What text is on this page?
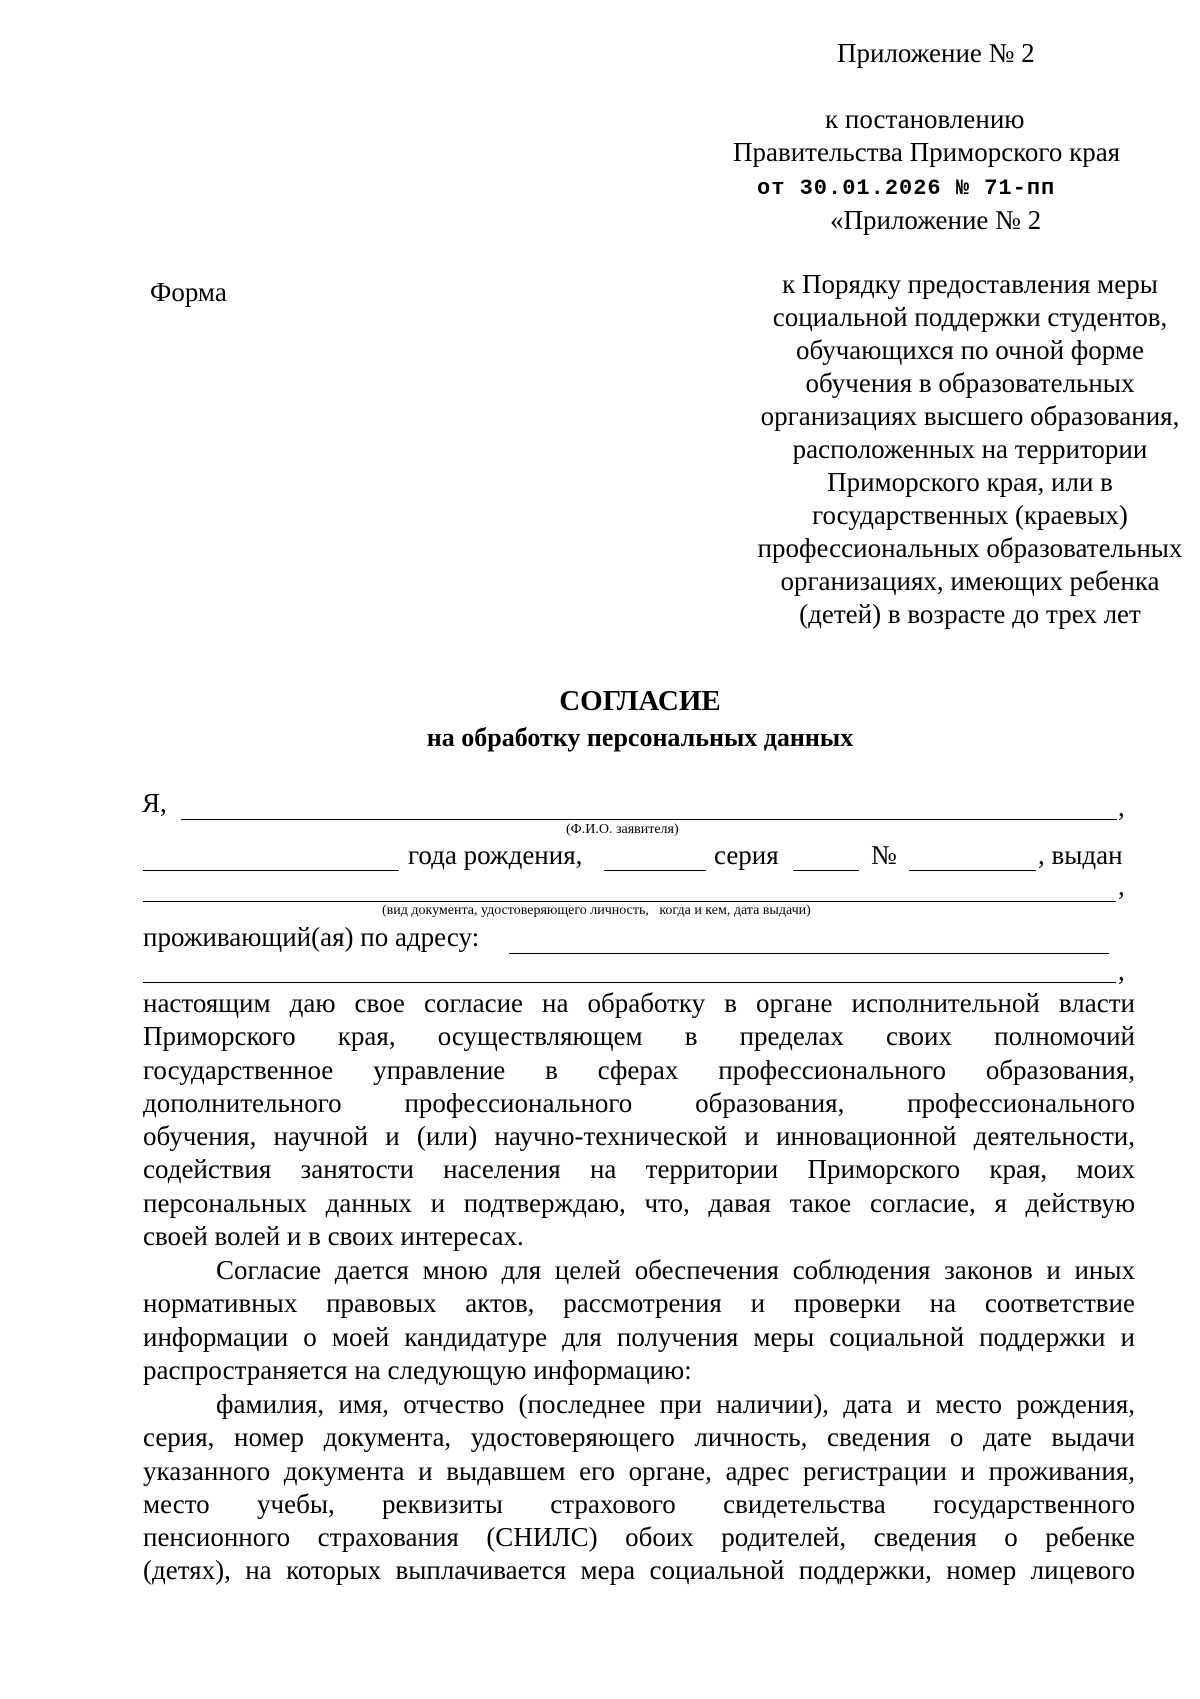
Приложение № 2
к постановлению
Правительства Приморского края
от 30.01.2026 № 71-пп
«Приложение № 2
Форма	к Порядку предоставления меры
социальной поддержки студентов,
обучающихся по очной форме
обучения в образовательных
организациях высшего образования,
расположенных на территории
Приморского края, или в
государственных (краевых)
профессиональных образовательных
организациях, имеющих ребенка
(детей) в возрасте до трех лет
СОГЛАСИЕ
на обработку персональных данных
Я,	,
(Ф.И.О. заявителя)
года рождения,	серия	№	, выдан
,
(вид документа, удостоверяющего личность,   когда и кем, дата выдачи)
проживающий(ая) по адресу:
,
настоящим даю свое согласие на обработку в органе исполнительной власти
Приморского края, осуществляющем в пределах своих полномочий
государственное управление в сферах профессионального образования,
дополнительного профессионального образования, профессионального
обучения, научной и (или) научно-технической и инновационной деятельности,
содействия занятости населения на территории Приморского края, моих
персональных данных и подтверждаю, что, давая такое согласие, я действую
своей волей и в своих интересах.
Согласие дается мною для целей обеспечения соблюдения законов и иных
нормативных правовых актов, рассмотрения и проверки на соответствие
информации о моей кандидатуре для получения меры социальной поддержки и
распространяется на следующую информацию:
фамилия, имя, отчество (последнее при наличии), дата и место рождения,
серия, номер документа, удостоверяющего личность, сведения о дате выдачи
указанного документа и выдавшем его органе, адрес регистрации и проживания,
место учебы, реквизиты страхового свидетельства государственного
пенсионного страхования (СНИЛС) обоих родителей, сведения о ребенке
(детях), на которых выплачивается мера социальной поддержки, номер лицевого
